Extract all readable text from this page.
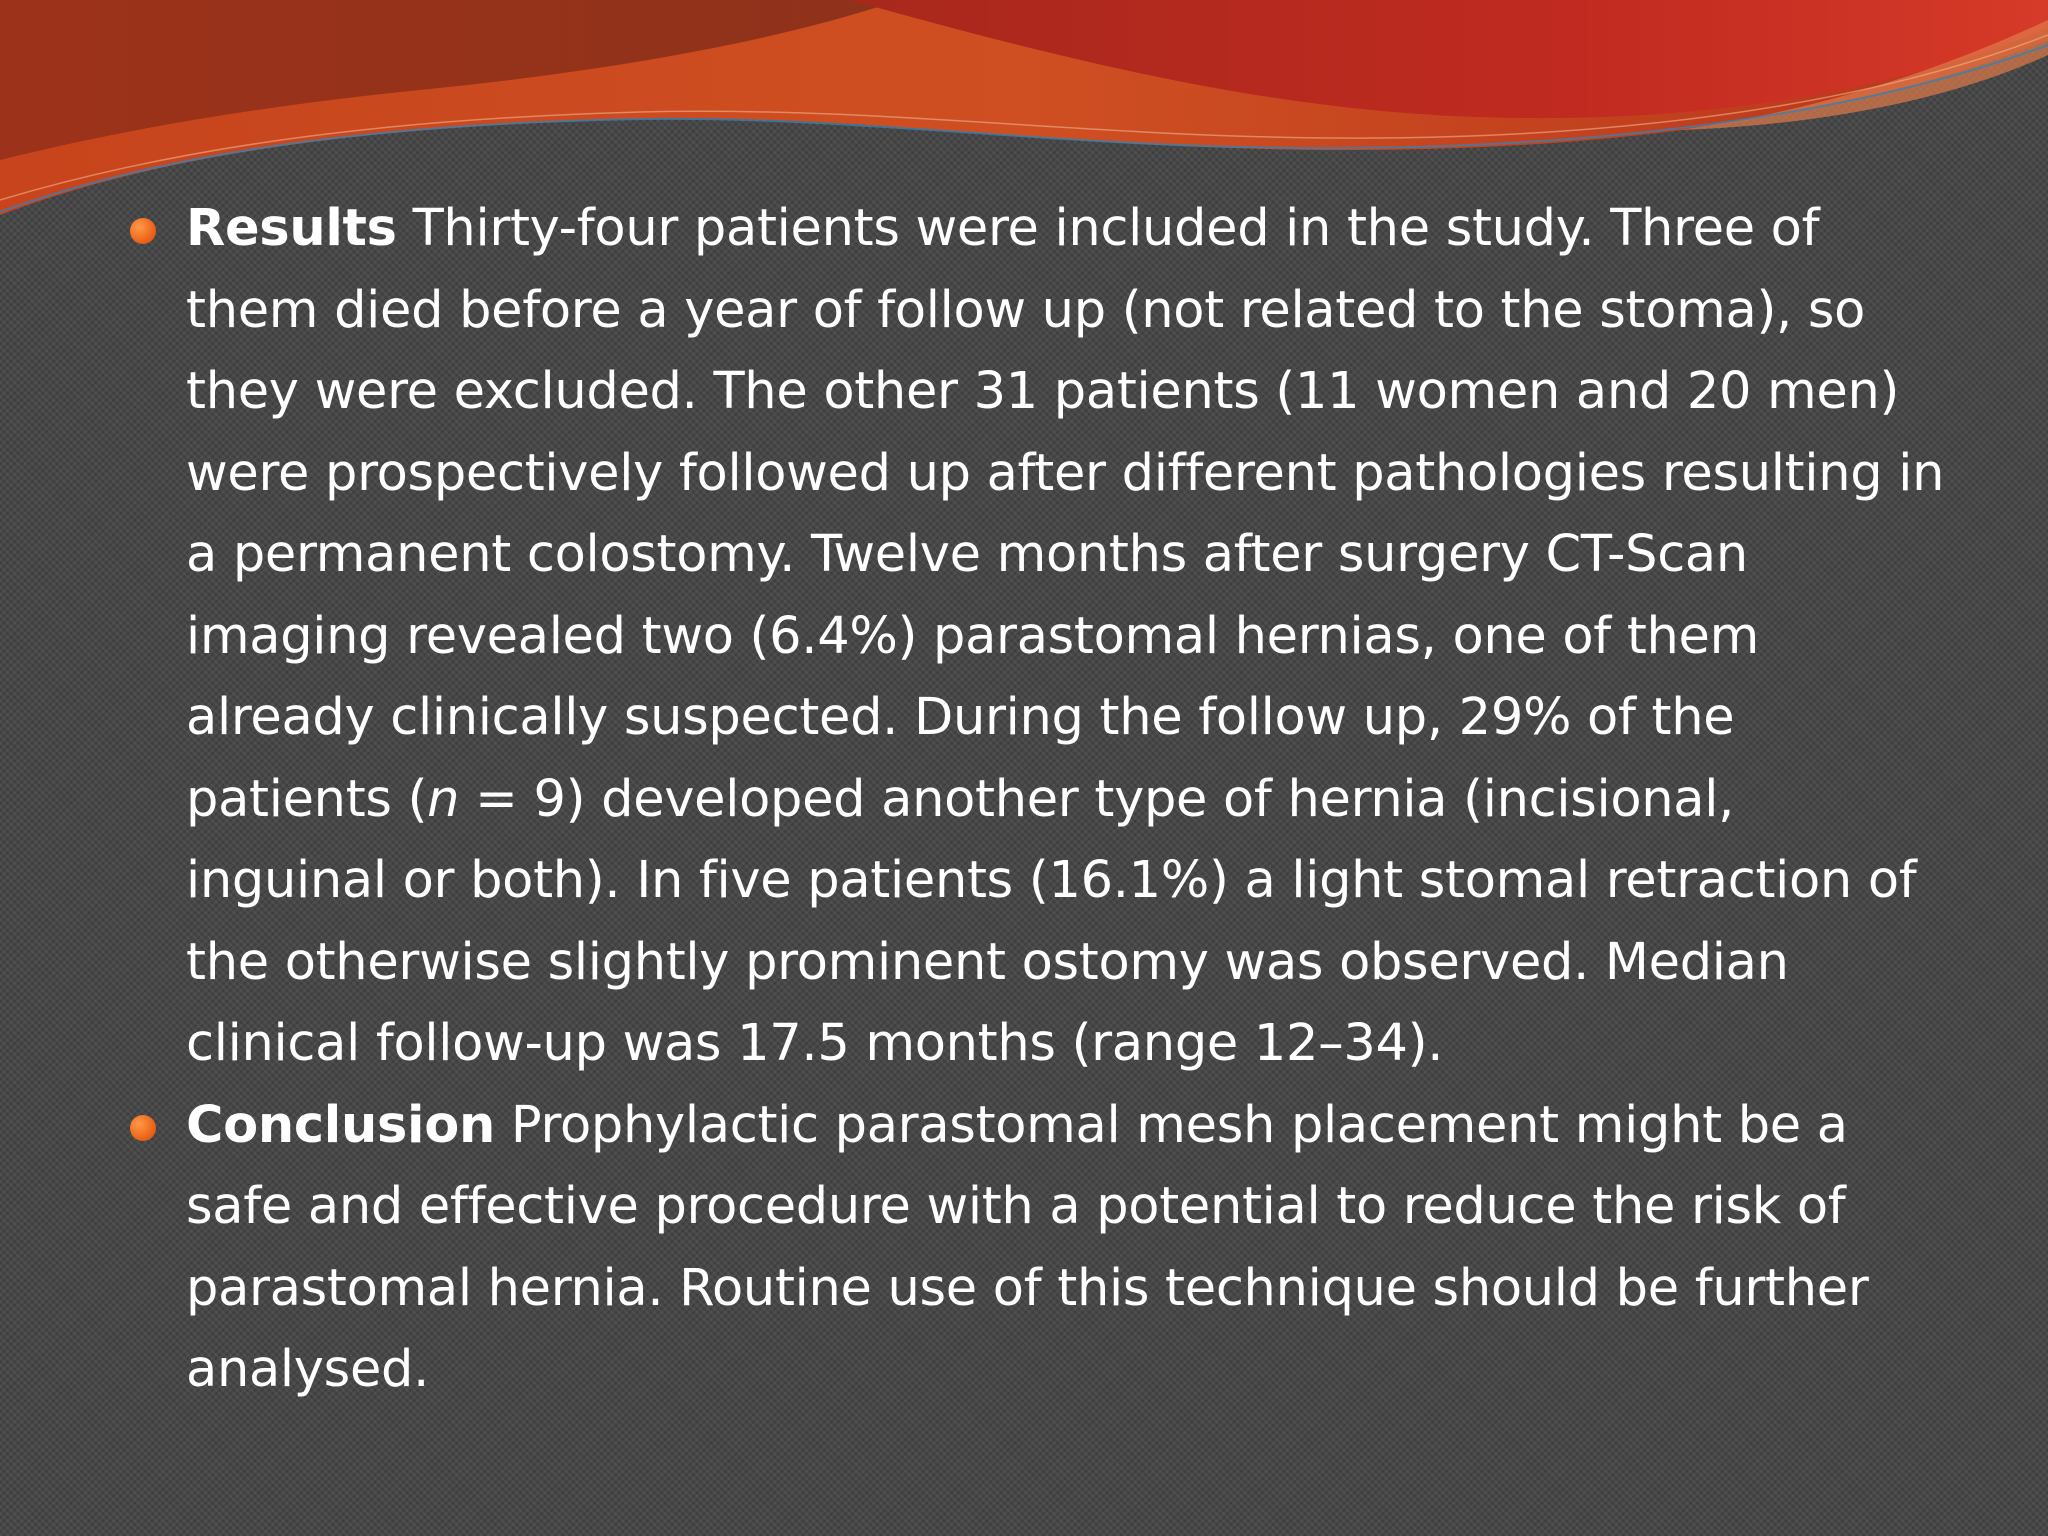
Results Thirty-four patients were included in the study. Three of them died before a year of follow up (not related to the stoma), so they were excluded. The other 31 patients (11 women and 20 men) were prospectively followed up after different pathologies resulting in a permanent colostomy. Twelve months after surgery CT-Scan imaging revealed two (6.4%) parastomal hernias, one of them already clinically suspected. During the follow up, 29% of the patients (n = 9) developed another type of hernia (incisional, inguinal or both). In five patients (16.1%) a light stomal retraction of the otherwise slightly prominent ostomy was observed. Median clinical follow-up was 17.5 months (range 12–34).
Conclusion Prophylactic parastomal mesh placement might be a safe and effective procedure with a potential to reduce the risk of parastomal hernia. Routine use of this technique should be further analysed.
